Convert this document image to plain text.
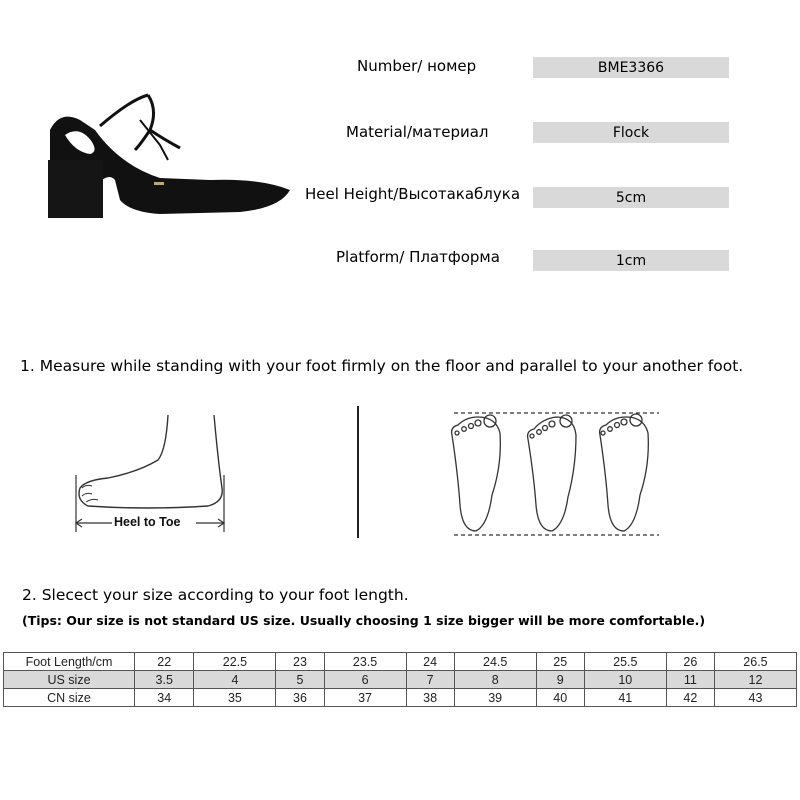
Number/ номер	BME3366
Material/материал	Flock
Heel Height/Высотакаблука	5cm
Platform/ Платформа	1cm
1. Measure while standing with your foot firmly on the floor and parallel to your another foot.
Heel to Toe
2. Slecect your size according to your foot length.
(Tips: Our size is not standard US size. Usually choosing 1 size bigger will be more comfortable.)
Foot Length/cm	22	22.5	23	23.5	24	24.5	25	25.5	26	26.5
US size	3.5	4	5	6	7	8	9	10	11	12
CN size	34	35	36	37	38	39	40	41	42	43
